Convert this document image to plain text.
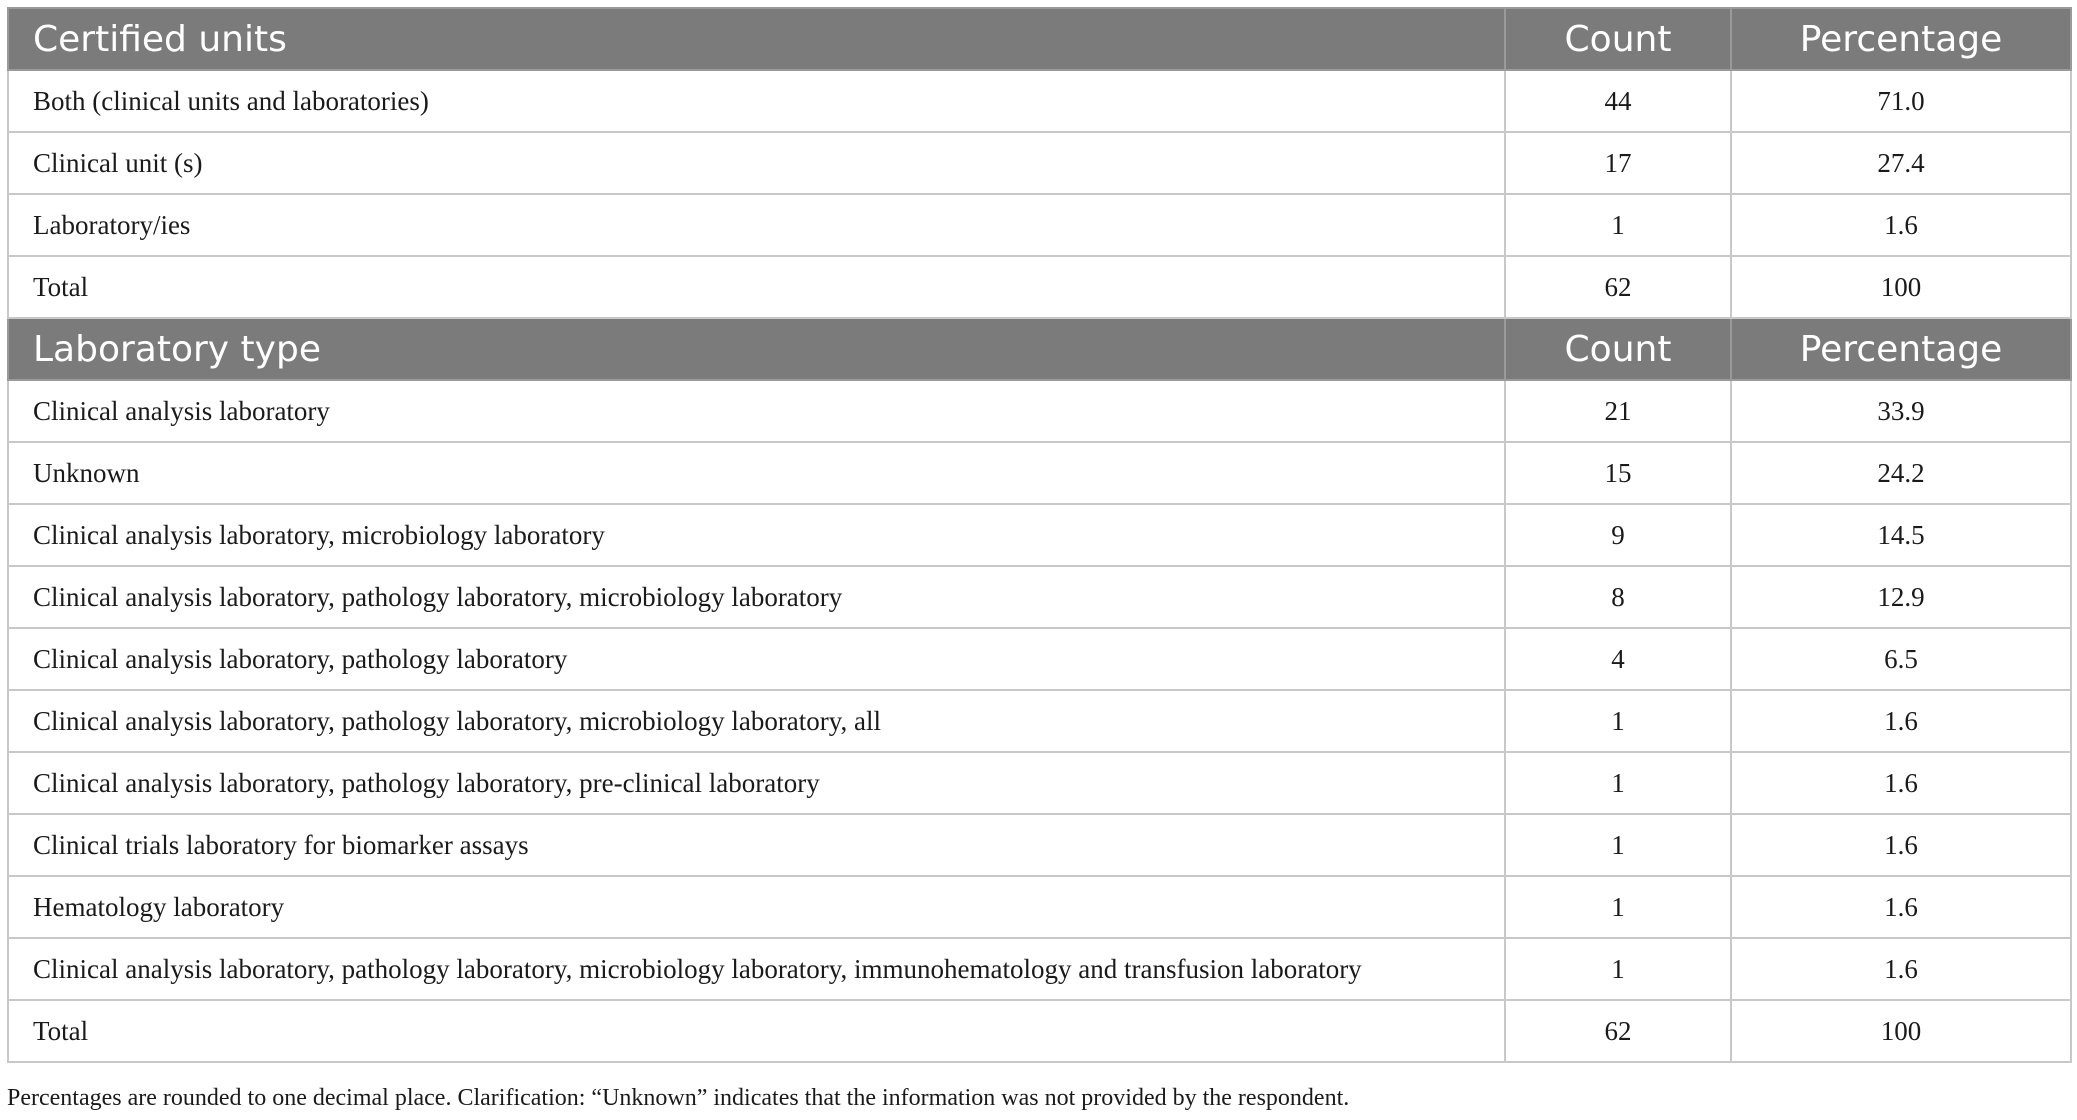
Certified units	Count	Percentage
Both (clinical units and laboratories)	44	71.0
Clinical unit (s)	17	27.4
Laboratory/ies	1	1.6
Total	62	100
Laboratory type	Count	Percentage
Clinical analysis laboratory	21	33.9
Unknown	15	24.2
Clinical analysis laboratory, microbiology laboratory	9	14.5
Clinical analysis laboratory, pathology laboratory, microbiology laboratory	8	12.9
Clinical analysis laboratory, pathology laboratory	4	6.5
Clinical analysis laboratory, pathology laboratory, microbiology laboratory, all	1	1.6
Clinical analysis laboratory, pathology laboratory, pre-clinical laboratory	1	1.6
Clinical trials laboratory for biomarker assays	1	1.6
Hematology laboratory	1	1.6
Clinical analysis laboratory, pathology laboratory, microbiology laboratory, immunohematology and transfusion laboratory	1	1.6
Total	62	100
Percentages are rounded to one decimal place. Clarification: “Unknown” indicates that the information was not provided by the respondent.
